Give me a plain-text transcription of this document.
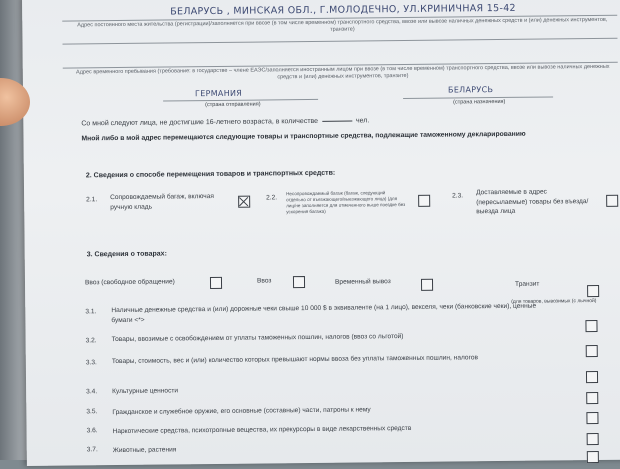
БЕЛАРУСЬ , МИНСКАЯ ОБЛ., Г.МОЛОДЕЧНО, УЛ.КРИНИЧНАЯ 15-42
Адрес постоянного места жительства (регистрации)/заполняется при ввозе (в том числе временном) транспортного средства, ввозе или вывозе наличных денежных средств и (или) денежных инструментов, транзите)
Адрес временного пребывания (требование: в государстве – члене ЕАЭС/заполняется иностранным лицом при ввозе (в том числе временном) транспортного средства, ввозе или вывозе наличных денежных средств и (или) денежных инструментов, транзите)
ГЕРМАНИЯ	БЕЛАРУСЬ
(страна отправления)	(страна назначения)
Со мной следуют лица, не достигшие 16-летнего возраста, в количестве	чел.
Мной либо в мой адрес перемещаются следующие товары и транспортные средства, подлежащие таможенному декларированию
2. Сведения о способе перемещения товаров и транспортных средств:
2.1. Сопровождаемый багаж, включая ручную кладь
2.2.
Несопровождаемый багаж (багаж, следующий отдельно от въезжающего/выезжающего лица) (для лиц/не заполняется для отмеченного выше поездке без ускорения багажа)
2.3. Доставляемые в адрес (пересылаемые) товары без въезда/выезда лица
3. Сведения о товарах:
Ввоз (свободное обращение)	Ввоз	Временный вывоз	Транзит
(для товаров, вывозимых (с лычной)
3.1. Наличные денежные средства и (или) дорожные чеки свыше 10 000 $ в эквиваленте (на 1 лицо), векселя, чеки (банковские чеки), ценные бумаги <*>
3.2. Товары, ввозимые с освобождением от уплаты таможенных пошлин, налогов (ввоз со льготой)
3.3. Товары, стоимость, вес и (или) количество которых превышают нормы ввоза без уплаты таможенных пошлин, налогов
3.4. Культурные ценности
3.5. Гражданское и служебное оружие, его основные (составные) части, патроны к нему
3.6. Наркотические средства, психотропные вещества, их прекурсоры в виде лекарственных средств
3.7. Животные, растения
